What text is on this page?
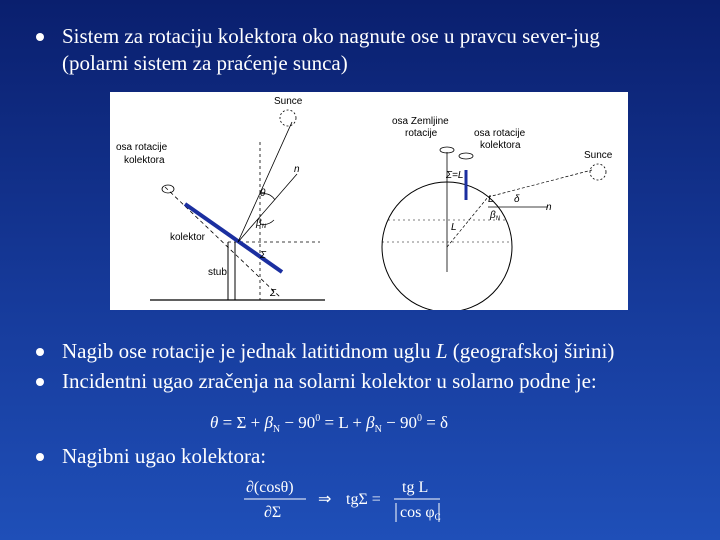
Sistem za rotaciju kolektora oko nagnute ose u pravcu sever-jug
(polarni sistem za praćenje sunca)
Sunce
osa rotacije
kolektora
n
θ
$\beta_N$
kolektor
Σ
stub
Σ
osa Zemljine
rotacije	osa rotacije
kolektora
Sunce
Σ=L
L δ
$\beta_N$
n
L
Nagib ose rotacije je jednak latitidnom uglu L (geografskoj širini)
Incidentni ugao zračenja na solarni kolektor u solarno podne je:
$\theta = \Sigma + \beta_N - 90^0 = L + \beta_N - 90^0 = \delta$
Nagibni ugao kolektora:
∂(cosθ)
∂Σ
⇒ tgΣ =
tg L
cos φC
